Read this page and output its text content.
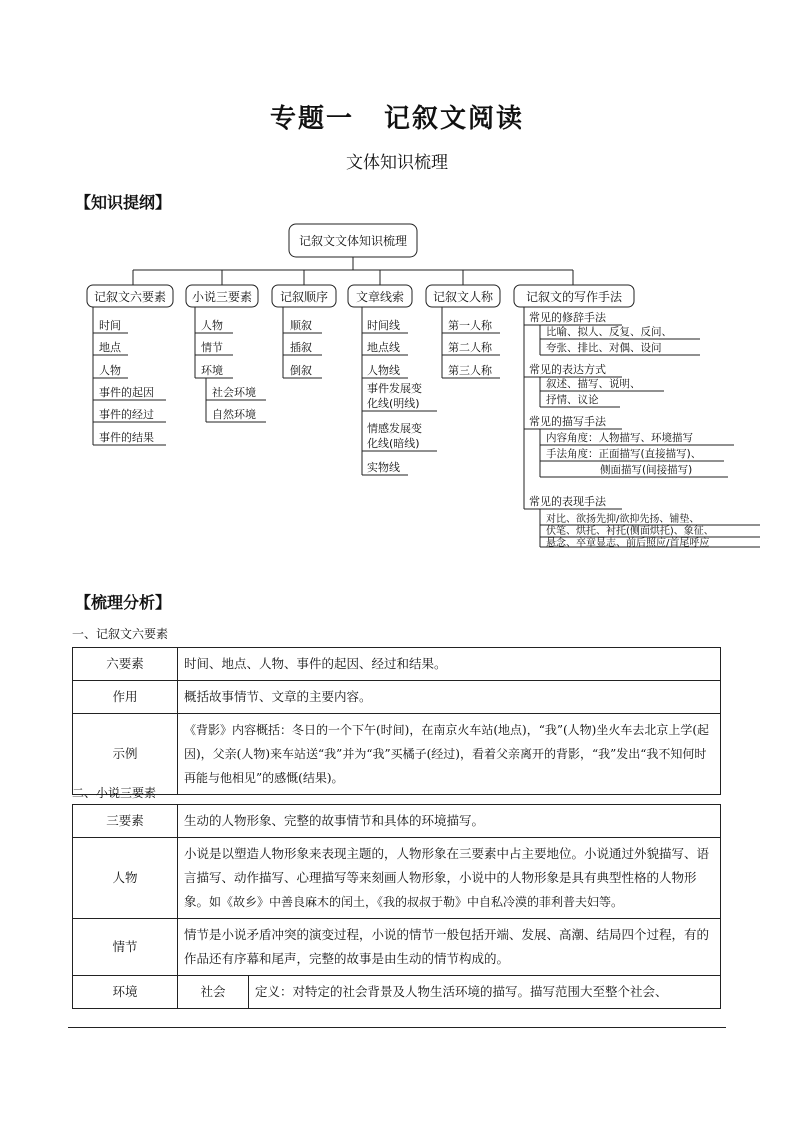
专题一 记叙文阅读
文体知识梳理
【知识提纲】
记叙文文体知识梳理
记叙文六要素 小说三要素 记叙顺序 文章线索 记叙文人称	记叙文的写作手法
时间
地点
人物
事件的起因
事件的经过
事件的结果
人物
情节
环境
社会环境
自然环境
顺叙
插叙
倒叙
时间线
地点线
人物线
事件发展变
化线(明线)
情感发展变
化线(暗线)
实物线
第一人称
第二人称
第三人称
常见的修辞手法
比喻、拟人、反复、反问、
夸张、排比、对偶、设问
常见的表达方式
叙述、描写、说明、
抒情、议论
常见的描写手法
内容角度：人物描写、环境描写
手法角度：正面描写(直接描写)、
侧面描写(间接描写)
常见的表现手法
对比、欲扬先抑/欲抑先扬、铺垫、
伏笔、烘托、衬托(侧面烘托)、象征、
悬念、卒章显志、前后照应/首尾呼应
【梳理分析】
一、记叙文六要素
六要素	时间、地点、人物、事件的起因、经过和结果。
作用	概括故事情节、文章的主要内容。
示例	《背影》内容概括：冬日的一个下午(时间)，在南京火车站(地点)，“我”(人物)坐火车去北京上学(起因)，父亲(人物)来车站送“我”并为“我”买橘子(经过)，看着父亲离开的背影，“我”发出“我不知何时再能与他相见”的感慨(结果)。
二、小说三要素
三要素	生动的人物形象、完整的故事情节和具体的环境描写。	
人物	小说是以塑造人物形象来表现主题的，人物形象在三要素中占主要地位。小说通过外貌描写、语言描写、动作描写、心理描写等来刻画人物形象，小说中的人物形象是具有典型性格的人物形象。如《故乡》中善良麻木的闰土，《我的叔叔于勒》中自私冷漠的菲利普夫妇等。	
情节	情节是小说矛盾冲突的演变过程，小说的情节一般包括开端、发展、高潮、结局四个过程，有的作品还有序幕和尾声，完整的故事是由生动的情节构成的。	
环境	社会	定义：对特定的社会背景及人物生活环境的描写。描写范围大至整个社会、
